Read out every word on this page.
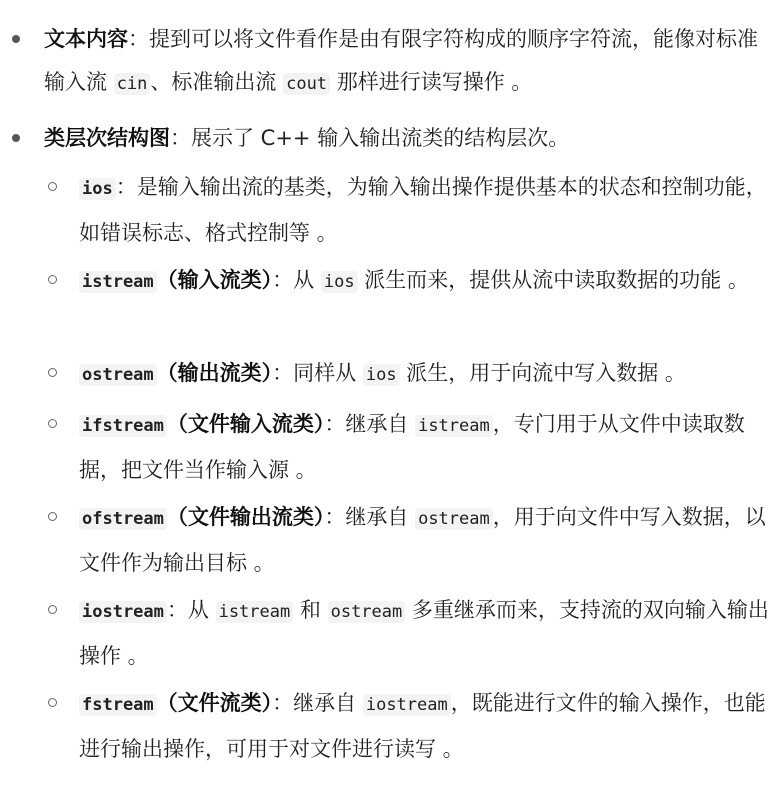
文本内容：提到可以将文件看作是由有限字符构成的顺序字符流，能像对标准输入流 cin 、标准输出流 cout 那样进行读写操作 。
类层次结构图：展示了 C++ 输入输出流类的结构层次。
ios ：是输入输出流的基类，为输入输出操作提供基本的状态和控制功能，如错误标志、格式控制等 。
istream （输入流类）：从 ios 派生而来，提供从流中读取数据的功能 。
ostream （输出流类）：同样从 ios 派生，用于向流中写入数据 。
ifstream （文件输入流类）：继承自 istream ，专门用于从文件中读取数据，把文件当作输入源 。
ofstream （文件输出流类）：继承自 ostream ，用于向文件中写入数据，以文件作为输出目标 。
iostream ：从 istream 和 ostream 多重继承而来，支持流的双向输入输出操作 。
fstream （文件流类）：继承自 iostream ，既能进行文件的输入操作，也能进行输出操作，可用于对文件进行读写 。
